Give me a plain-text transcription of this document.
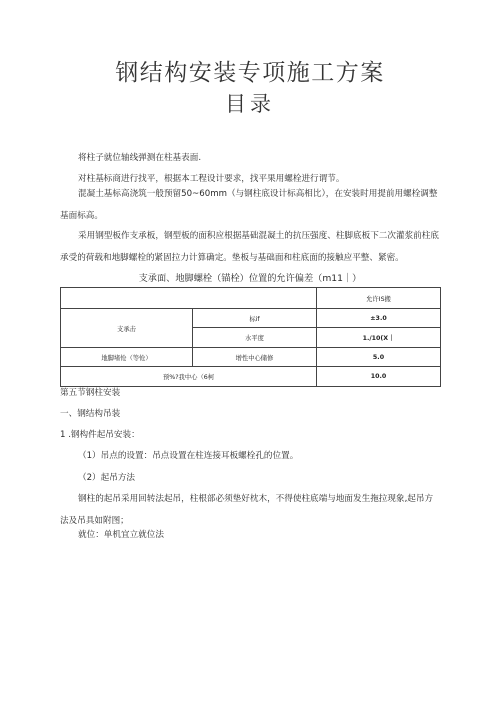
钢结构安装专项施工方案
目录
将柱子就位轴线弹测在柱基表面.
对柱基标商进行找平，根据本工程设计要求，找平果用螺栓进行谓节。
混凝土基标高浇筑一般预留50~60mm（与钢柱底设计标高相比），在安装时用提前用螺栓调整基面标高。
采用钢型板作支承板，钢型板的面积应根据基础混凝土的抗压强度、柱脚底板下二次灌浆前柱底承受的荷载和地脚螺栓的紧固拉力计算确定。垫板与基础面和柱底面的接触应平整、紧密。
支承面、地脚螺栓（锚栓）位置的允许偏差（m11｜）
		允许IS搬
支承击	标if	±3.0
	水平度	1./10(X｜
地脚堵怆（等怆）	增性中心储修	5.0
预%?我中心（6柯		10.0
第五节钢柱安装
一、钢结构吊装
1 .钢构件起吊安装：
（1）吊点的设置：吊点设置在柱连接耳板螺栓孔的位置。
（2）起吊方法
钢柱的起吊采用回转法起吊，柱根部必须垫好枕木，不得使柱底端与地面发生拖拉现象,起吊方法及吊具如附图；
就位：单机宜立就位法
